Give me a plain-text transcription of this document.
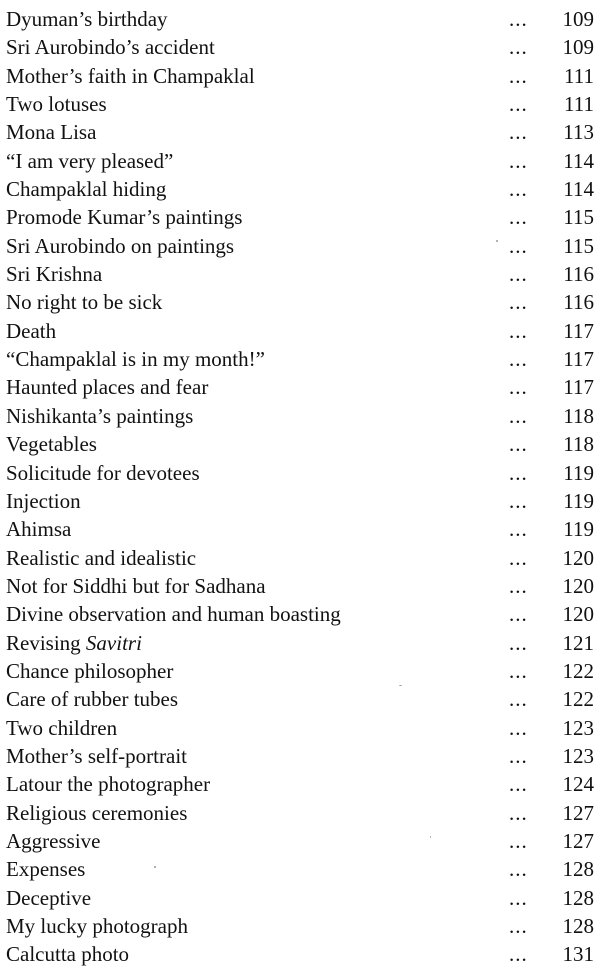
Dyuman’s birthday	... 109
Sri Aurobindo’s accident	... 109
Mother’s faith in Champaklal	... 111
Two lotuses	... 111
Mona Lisa	... 113
“I am very pleased”	... 114
Champaklal hiding	... 114
Promode Kumar’s paintings	... 115
Sri Aurobindo on paintings	... 115
Sri Krishna	... 116
No right to be sick	... 116
Death	... 117
“Champaklal is in my month!”	... 117
Haunted places and fear	... 117
Nishikanta’s paintings	... 118
Vegetables	... 118
Solicitude for devotees	... 119
Injection	... 119
Ahimsa	... 119
Realistic and idealistic	... 120
Not for Siddhi but for Sadhana	... 120
Divine observation and human boasting	... 120
Revising Savitri	... 121
Chance philosopher	... 122
Care of rubber tubes	... 122
Two children	... 123
Mother’s self-portrait	... 123
Latour the photographer	... 124
Religious ceremonies	... 127
Aggressive	... 127
Expenses	... 128
Deceptive	... 128
My lucky photograph	... 128
Calcutta photo	... 131
